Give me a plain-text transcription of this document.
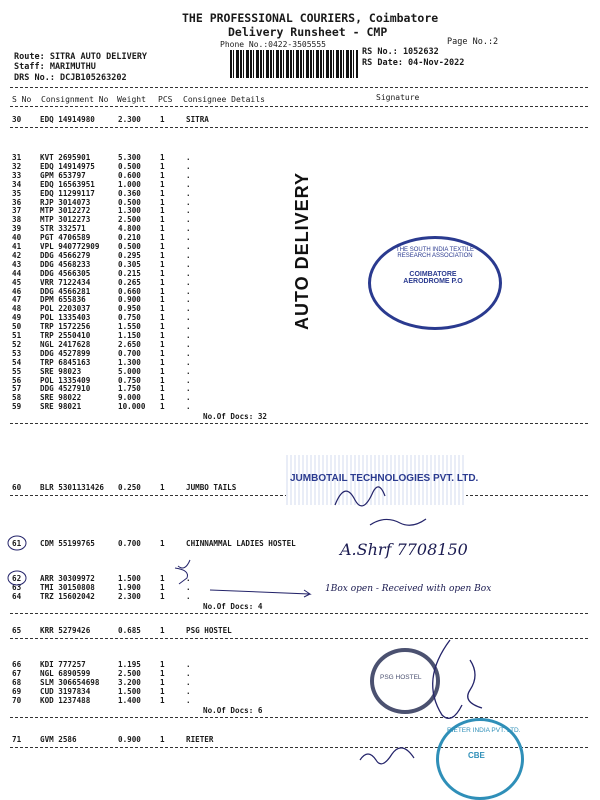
THE PROFESSIONAL COURIERS, Coimbatore
Delivery Runsheet - CMP
Phone No.:0422-3505555	Page No.:2
Route: SITRA AUTO DELIVERY
Staff: MARIMUTHU
DRS No.: DCJB105263202
RS No.: 1052632
RS Date: 04-Nov-2022
S No Consignment No Weight PCS Consignee Details	Signature
30 EDQ 14914980	2.300	1	SITRA
31 KVT 2695901	5.300	1	.
32 EDQ 14914975	0.500	1	.
33 GPM 653797	0.600	1	.
34 EDQ 16563951	1.000	1	.
35 EDQ 11299117	0.360	1	.
36 RJP 3014073	0.500	1	.
37 MTP 3012272	1.300	1	.
38 MTP 3012273	2.500	1	.
39 STR 332571	4.800	1	.
40 PGT 4706589	0.210	1	.
41 VPL 940772909 0.500	1	.
42 DDG 4566279	0.295	1	.
43 DDG 4568233	0.305	1	.
44 DDG 4566305	0.215	1	.
45 VRR 7122434	0.265	1	.
46 DDG 4566281	0.660	1	.
47 DPM 655836	0.900	1	.
48 POL 2203037	0.950	1	.
49 POL 1335403	0.750	1	.
50 TRP 1572256	1.550	1	.
51 TRP 2550410	1.150	1	.
52 NGL 2417628	2.650	1	.
53 DDG 4527899	0.700	1	.
54 TRP 6845163	1.300	1	.
55 SRE 98023	5.000	1	.
56 POL 1335409	0.750	1	.
57 DDG 4527910	1.750	1	.
58 SRE 98022	9.000	1	.
59 SRE 98021	10.000 1	.
No.Of Docs: 32
60 BLR 5301131426 0.250	1	JUMBO TAILS
61 CDM 55199765	0.700	1	CHINNAMMAL LADIES HOSTEL
62 ARR 30309972	1.500	1	.
63 TMI 30150808	1.900	1	.
64 TRZ 15602042	2.300	1	.
No.Of Docs: 4
65 KRR 5279426	0.685	1	PSG HOSTEL
66 KDI 777257	1.195	1	.
67 NGL 6890599	2.500	1	.
68 SLM 306654698 3.200	1	.
69 CUD 3197834	1.500	1	.
70 KOD 1237488	1.400	1	.
No.Of Docs: 6
71 GVM 2586	0.900	1	RIETER
AUTO DELIVERY	THE SOUTH INDIA TEXTILE RESEARCH ASSOCIATION
COIMBATORE AERODROME P.O
JUMBOTAIL TECHNOLOGIES PVT. LTD.
A.Shrf 7708150
1Box open - Received with open Box
PSG HOSTEL
RIETER INDIA PVT. LTD.
CBE
